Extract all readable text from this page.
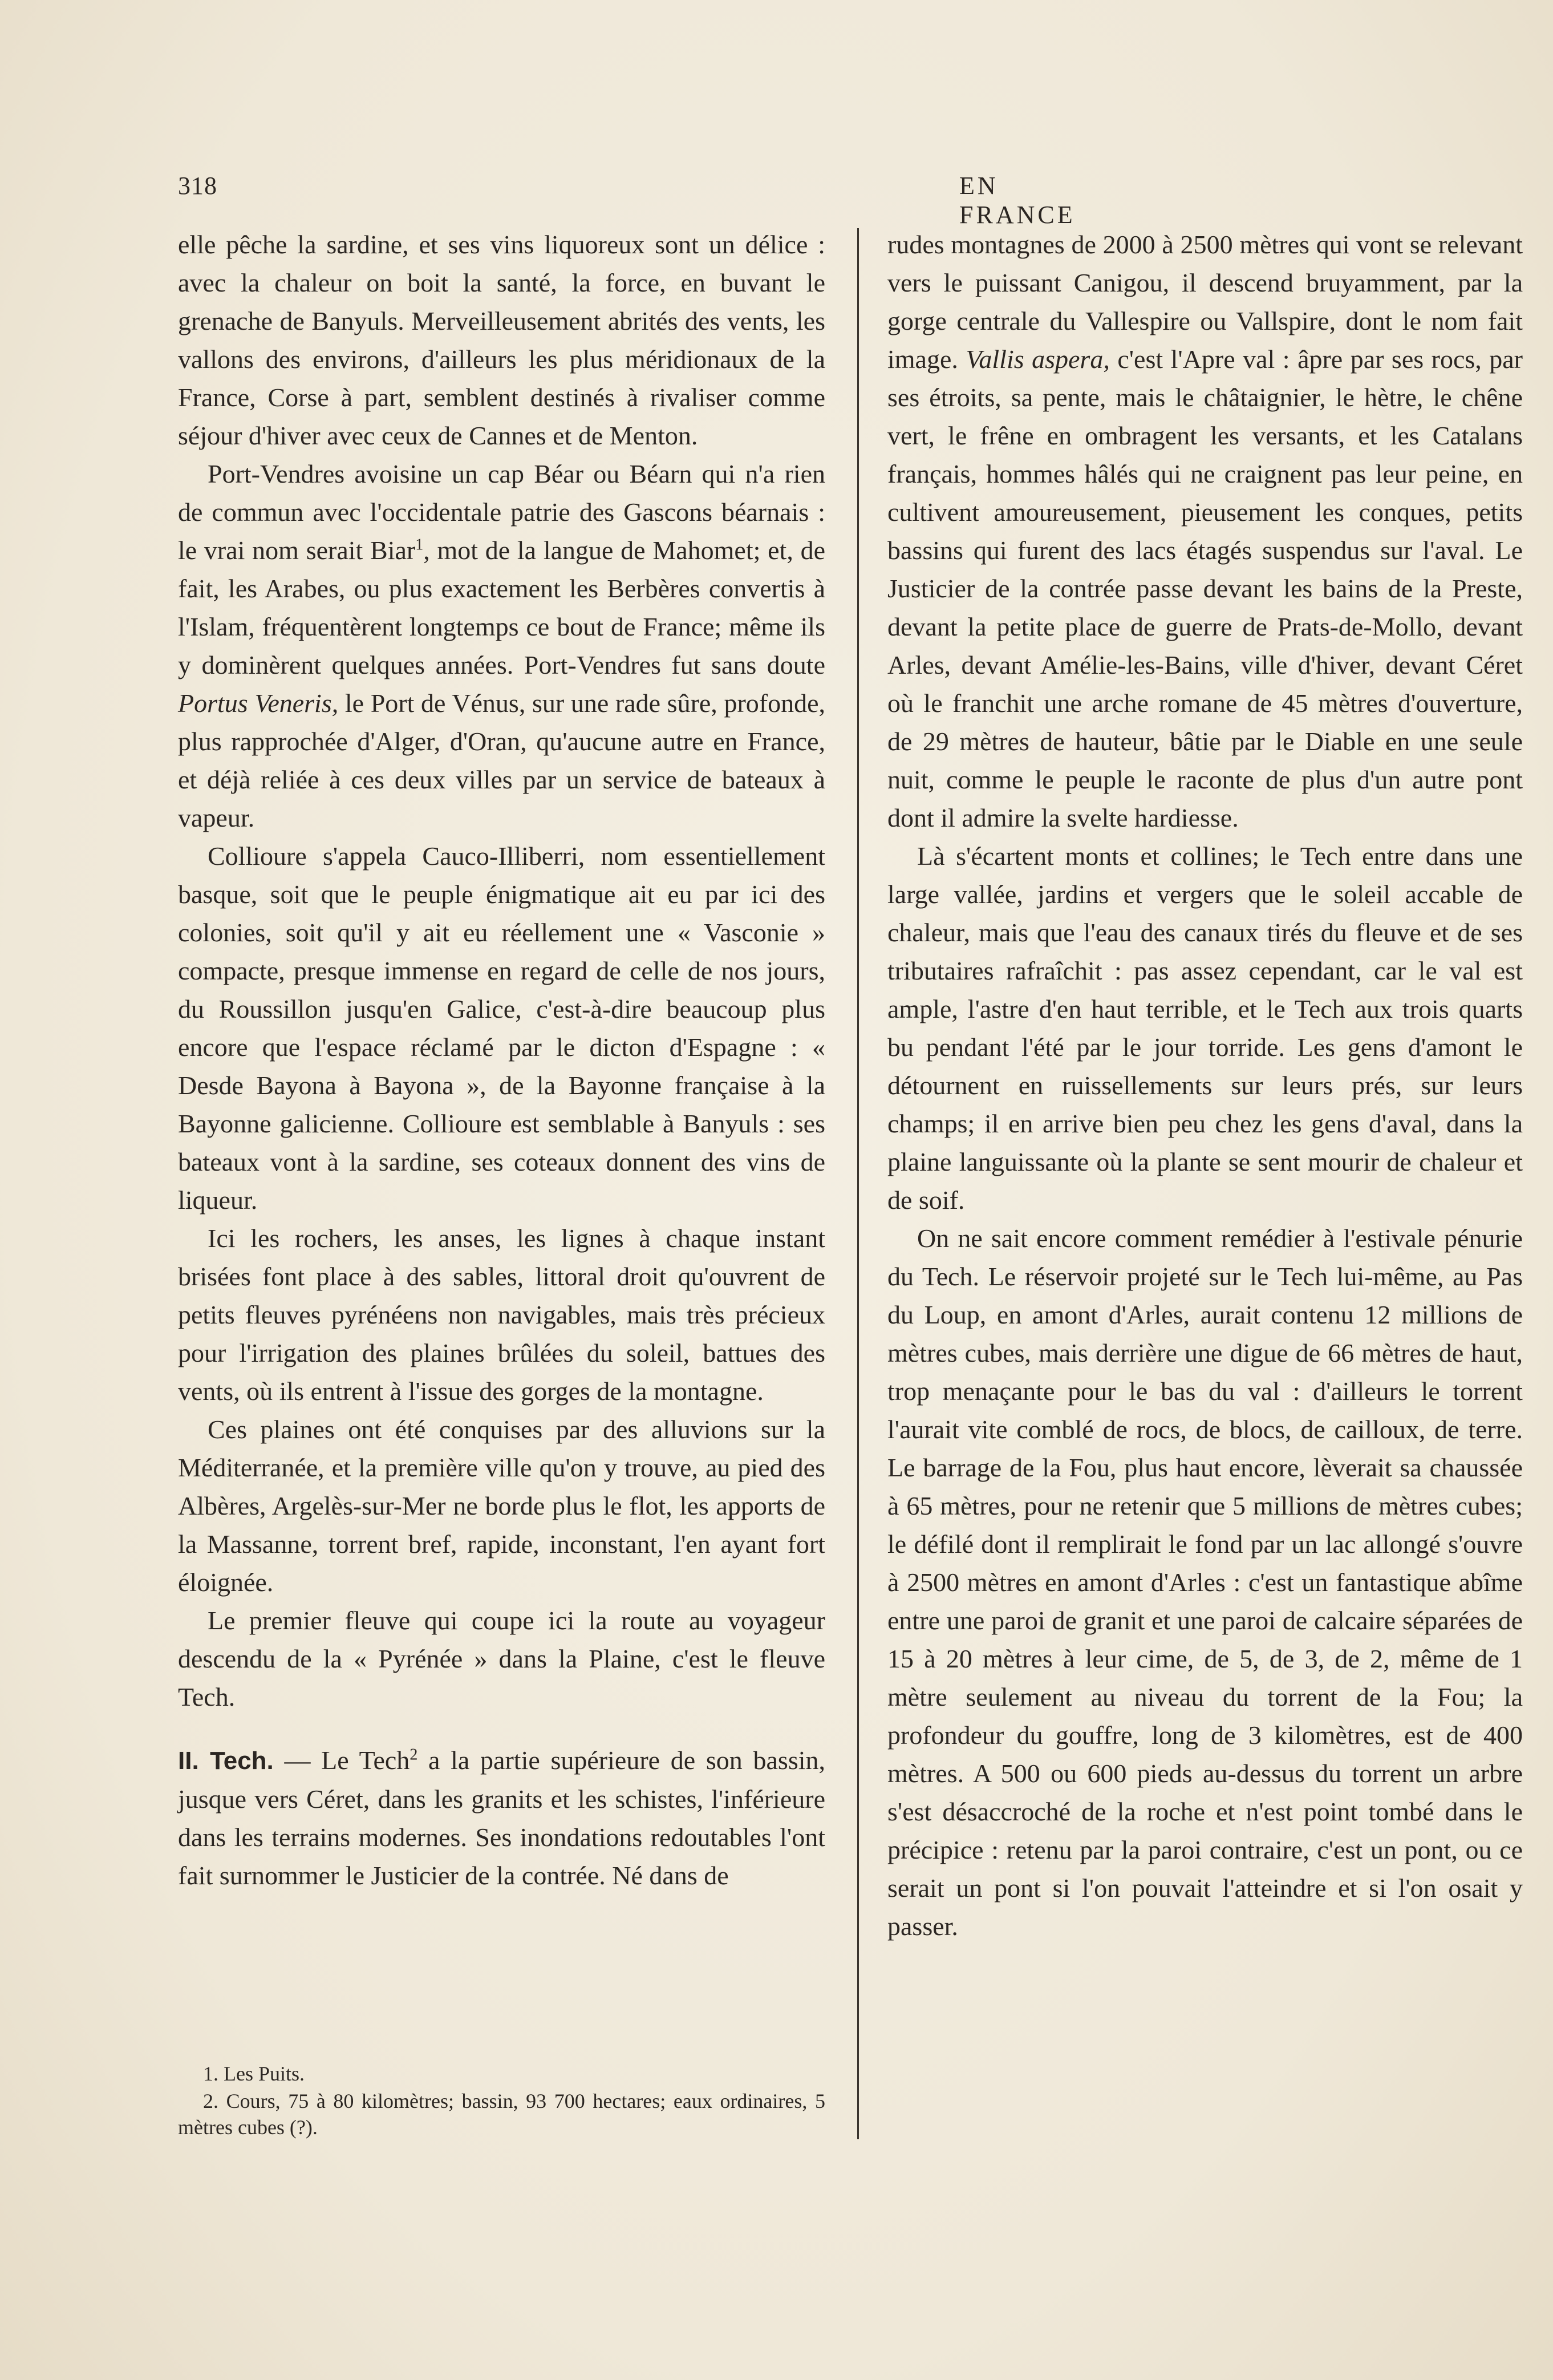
318	EN FRANCE

elle pêche la sardine, et ses vins liquoreux sont un délice : avec la chaleur on boit la santé, la force, en buvant le grenache de Banyuls. Merveilleusement abrités des vents, les vallons des environs, d'ailleurs les plus méridionaux de la France, Corse à part, semblent destinés à rivaliser comme séjour d'hiver avec ceux de Cannes et de Menton.

Port-Vendres avoisine un cap Béar ou Béarn qui n'a rien de commun avec l'occidentale patrie des Gascons béarnais : le vrai nom serait Biar$^1$, mot de la langue de Mahomet; et, de fait, les Arabes, ou plus exactement les Berbères convertis à l'Islam, fréquentèrent longtemps ce bout de France; même ils y dominèrent quelques années. Port-Vendres fut sans doute Portus Veneris, le Port de Vénus, sur une rade sûre, profonde, plus rapprochée d'Alger, d'Oran, qu'aucune autre en France, et déjà reliée à ces deux villes par un service de bateaux à vapeur.

Collioure s'appela Cauco-Illiberri, nom essentiellement basque, soit que le peuple énigmatique ait eu par ici des colonies, soit qu'il y ait eu réellement une « Vasconie » compacte, presque immense en regard de celle de nos jours, du Roussillon jusqu'en Galice, c'est-à-dire beaucoup plus encore que l'espace réclamé par le dicton d'Espagne : « Desde Bayona à Bayona », de la Bayonne française à la Bayonne galicienne. Collioure est semblable à Banyuls : ses bateaux vont à la sardine, ses coteaux donnent des vins de liqueur.

Ici les rochers, les anses, les lignes à chaque instant brisées font place à des sables, littoral droit qu'ouvrent de petits fleuves pyrénéens non navigables, mais très précieux pour l'irrigation des plaines brûlées du soleil, battues des vents, où ils entrent à l'issue des gorges de la montagne.

Ces plaines ont été conquises par des alluvions sur la Méditerranée, et la première ville qu'on y trouve, au pied des Albères, Argelès-sur-Mer ne borde plus le flot, les apports de la Massanne, torrent bref, rapide, inconstant, l'en ayant fort éloignée.

Le premier fleuve qui coupe ici la route au voyageur descendu de la « Pyrénée » dans la Plaine, c'est le fleuve Tech.

II. Tech. — Le Tech$^2$ a la partie supérieure de son bassin, jusque vers Céret, dans les granits et les schistes, l'inférieure dans les terrains modernes. Ses inondations redoutables l'ont fait surnommer le Justicier de la contrée. Né dans de

1. Les Puits.

2. Cours, 75 à 80 kilomètres; bassin, 93 700 hectares; eaux ordinaires, 5 mètres cubes (?).

rudes montagnes de 2000 à 2500 mètres qui vont se relevant vers le puissant Canigou, il descend bruyamment, par la gorge centrale du Vallespire ou Vallspire, dont le nom fait image. Vallis aspera, c'est l'Apre val : âpre par ses rocs, par ses étroits, sa pente, mais le châtaignier, le hètre, le chêne vert, le frêne en ombragent les versants, et les Catalans français, hommes hâlés qui ne craignent pas leur peine, en cultivent amoureusement, pieusement les conques, petits bassins qui furent des lacs étagés suspendus sur l'aval. Le Justicier de la contrée passe devant les bains de la Preste, devant la petite place de guerre de Prats-de-Mollo, devant Arles, devant Amélie-les-Bains, ville d'hiver, devant Céret où le franchit une arche romane de 45 mètres d'ouverture, de 29 mètres de hauteur, bâtie par le Diable en une seule nuit, comme le peuple le raconte de plus d'un autre pont dont il admire la svelte hardiesse.

Là s'écartent monts et collines; le Tech entre dans une large vallée, jardins et vergers que le soleil accable de chaleur, mais que l'eau des canaux tirés du fleuve et de ses tributaires rafraîchit : pas assez cependant, car le val est ample, l'astre d'en haut terrible, et le Tech aux trois quarts bu pendant l'été par le jour torride. Les gens d'amont le détournent en ruissellements sur leurs prés, sur leurs champs; il en arrive bien peu chez les gens d'aval, dans la plaine languissante où la plante se sent mourir de chaleur et de soif.

On ne sait encore comment remédier à l'estivale pénurie du Tech. Le réservoir projeté sur le Tech lui-même, au Pas du Loup, en amont d'Arles, aurait contenu 12 millions de mètres cubes, mais derrière une digue de 66 mètres de haut, trop menaçante pour le bas du val : d'ailleurs le torrent l'aurait vite comblé de rocs, de blocs, de cailloux, de terre. Le barrage de la Fou, plus haut encore, lèverait sa chaussée à 65 mètres, pour ne retenir que 5 millions de mètres cubes; le défilé dont il remplirait le fond par un lac allongé s'ouvre à 2500 mètres en amont d'Arles : c'est un fantastique abîme entre une paroi de granit et une paroi de calcaire séparées de 15 à 20 mètres à leur cime, de 5, de 3, de 2, même de 1 mètre seulement au niveau du torrent de la Fou; la profondeur du gouffre, long de 3 kilomètres, est de 400 mètres. A 500 ou 600 pieds au-dessus du torrent un arbre s'est désaccroché de la roche et n'est point tombé dans le précipice : retenu par la paroi contraire, c'est un pont, ou ce serait un pont si l'on pouvait l'atteindre et si l'on osait y passer.
